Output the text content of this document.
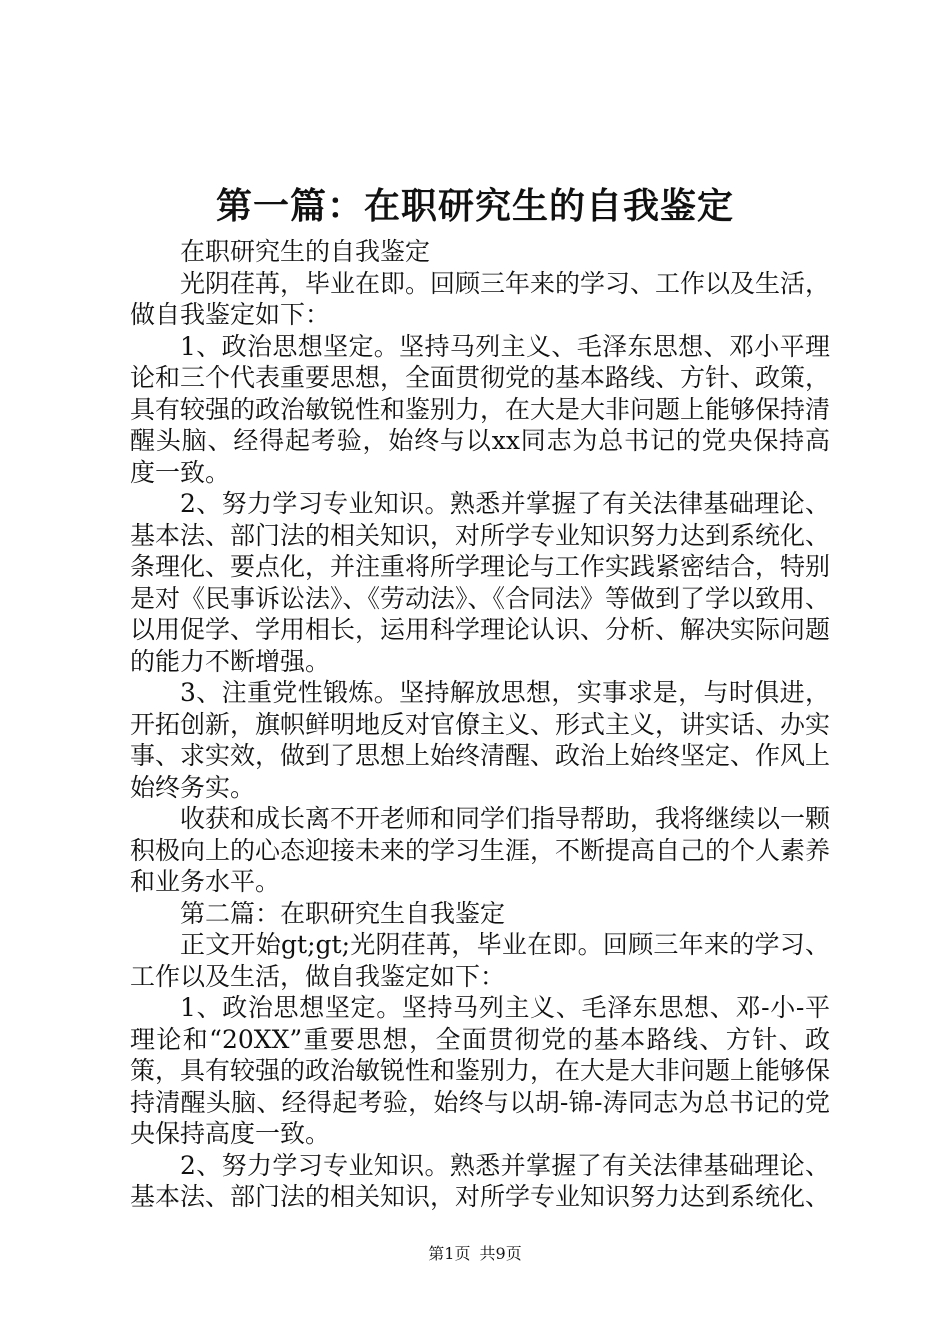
第一篇：在职研究生的自我鉴定

在职研究生的自我鉴定

光阴荏苒，毕业在即。回顾三年来的学习、工作以及生活，做自我鉴定如下：

1、政治思想坚定。坚持马列主义、毛泽东思想、邓小平理论和三个代表重要思想，全面贯彻党的基本路线、方针、政策，具有较强的政治敏锐性和鉴别力，在大是大非问题上能够保持清醒头脑、经得起考验，始终与以xx同志为总书记的党央保持高度一致。

2、努力学习专业知识。熟悉并掌握了有关法律基础理论、基本法、部门法的相关知识，对所学专业知识努力达到系统化、条理化、要点化，并注重将所学理论与工作实践紧密结合，特别是对《民事诉讼法》、《劳动法》、《合同法》等做到了学以致用、以用促学、学用相长，运用科学理论认识、分析、解决实际问题的能力不断增强。

3、注重党性锻炼。坚持解放思想，实事求是，与时俱进，开拓创新，旗帜鲜明地反对官僚主义、形式主义，讲实话、办实事、求实效，做到了思想上始终清醒、政治上始终坚定、作风上始终务实。

收获和成长离不开老师和同学们指导帮助，我将继续以一颗积极向上的心态迎接未来的学习生涯，不断提高自己的个人素养和业务水平。

第二篇：在职研究生自我鉴定

正文开始gt;gt;光阴荏苒，毕业在即。回顾三年来的学习、工作以及生活，做自我鉴定如下：

1、政治思想坚定。坚持马列主义、毛泽东思想、邓-小-平理论和“20XX”重要思想，全面贯彻党的基本路线、方针、政策，具有较强的政治敏锐性和鉴别力，在大是大非问题上能够保持清醒头脑、经得起考验，始终与以胡-锦-涛同志为总书记的党央保持高度一致。

2、努力学习专业知识。熟悉并掌握了有关法律基础理论、基本法、部门法的相关知识，对所学专业知识努力达到系统化、

第1页 共9页
